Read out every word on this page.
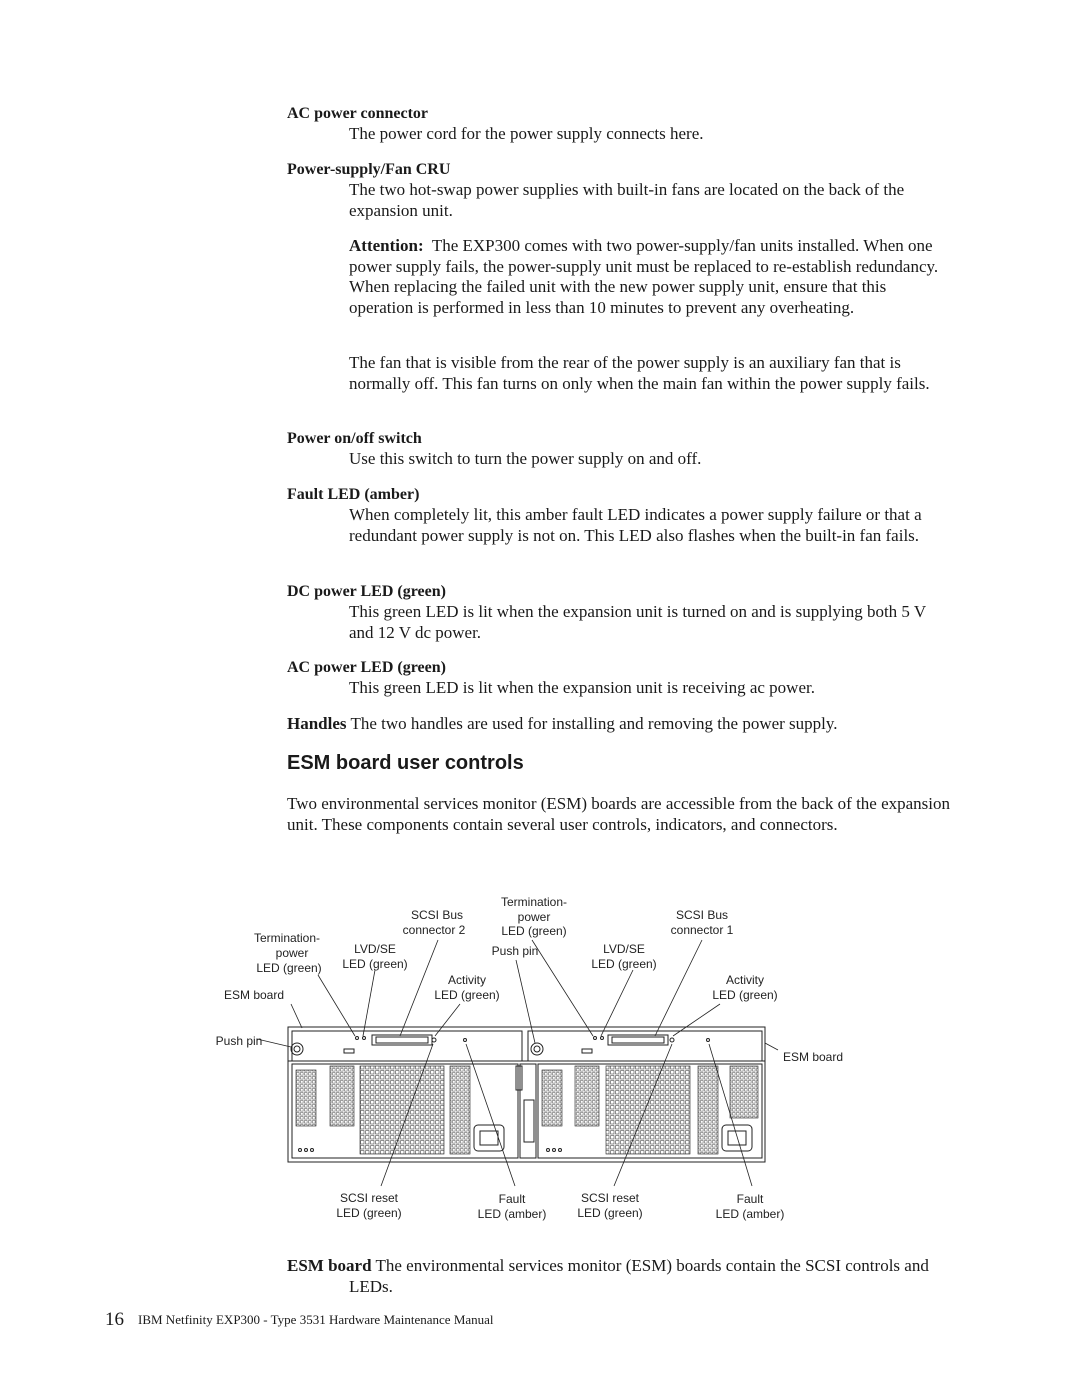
AC power connector
The power cord for the power supply connects here.
Power-supply/Fan CRU
The two hot-swap power supplies with built-in fans are located on the back of the expansion unit.
Attention: The EXP300 comes with two power-supply/fan units installed. When one power supply fails, the power-supply unit must be replaced to re-establish redundancy. When replacing the failed unit with the new power supply unit, ensure that this operation is performed in less than 10 minutes to prevent any overheating.
The fan that is visible from the rear of the power supply is an auxiliary fan that is normally off. This fan turns on only when the main fan within the power supply fails.
Power on/off switch
Use this switch to turn the power supply on and off.
Fault LED (amber)
When completely lit, this amber fault LED indicates a power supply failure or that a redundant power supply is not on. This LED also flashes when the built-in fan fails.
DC power LED (green)
This green LED is lit when the expansion unit is turned on and is supplying both 5 V and 12 V dc power.
AC power LED (green)
This green LED is lit when the expansion unit is receiving ac power.
Handles The two handles are used for installing and removing the power supply.
ESM board user controls
Two environmental services monitor (ESM) boards are accessible from the back of the expansion unit. These components contain several user controls, indicators, and connectors.
Termination-
power
LED (green)
LVD/SE
LED (green)
SCSI Bus
connector 2
Termination-
power
LED (green)
Push pin	LVD/SE
LED (green)
SCSI Bus
connector 1
ESM board
Activity
LED (green)
Activity
LED (green)
Push pin
ESM board
SCSI reset
LED (green)
Fault
LED (amber)
SCSI reset
LED (green)
Fault
LED (amber)
ESM board The environmental services monitor (ESM) boards contain the SCSI controls and LEDs.
16 IBM Netfinity EXP300 - Type 3531 Hardware Maintenance Manual
